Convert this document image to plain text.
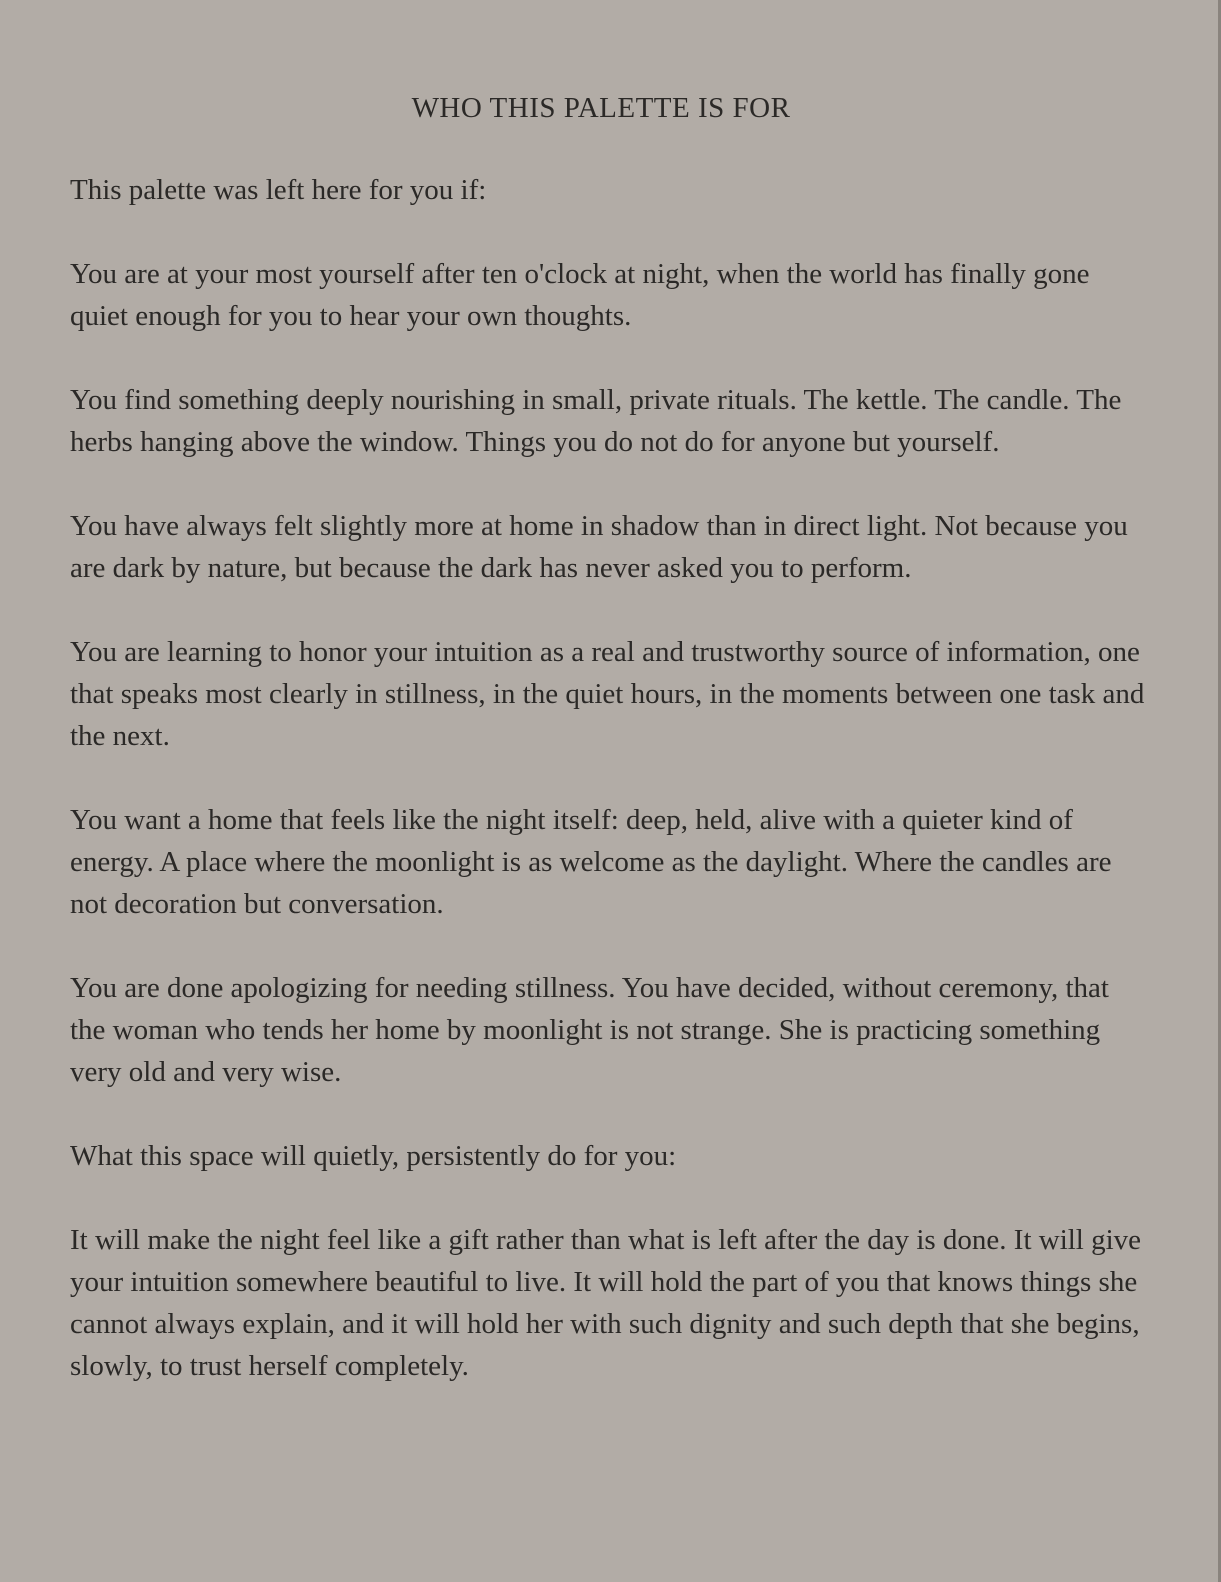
WHO THIS PALETTE IS FOR

This palette was left here for you if:

You are at your most yourself after ten o'clock at night, when the world has finally gone quiet enough for you to hear your own thoughts.

You find something deeply nourishing in small, private rituals. The kettle. The candle. The herbs hanging above the window. Things you do not do for anyone but yourself.

You have always felt slightly more at home in shadow than in direct light. Not because you are dark by nature, but because the dark has never asked you to perform.

You are learning to honor your intuition as a real and trustworthy source of information, one that speaks most clearly in stillness, in the quiet hours, in the moments between one task and the next.

You want a home that feels like the night itself: deep, held, alive with a quieter kind of energy. A place where the moonlight is as welcome as the daylight. Where the candles are not decoration but conversation.

You are done apologizing for needing stillness. You have decided, without ceremony, that the woman who tends her home by moonlight is not strange. She is practicing something very old and very wise.

What this space will quietly, persistently do for you:

It will make the night feel like a gift rather than what is left after the day is done. It will give your intuition somewhere beautiful to live. It will hold the part of you that knows things she cannot always explain, and it will hold her with such dignity and such depth that she begins, slowly, to trust herself completely.
